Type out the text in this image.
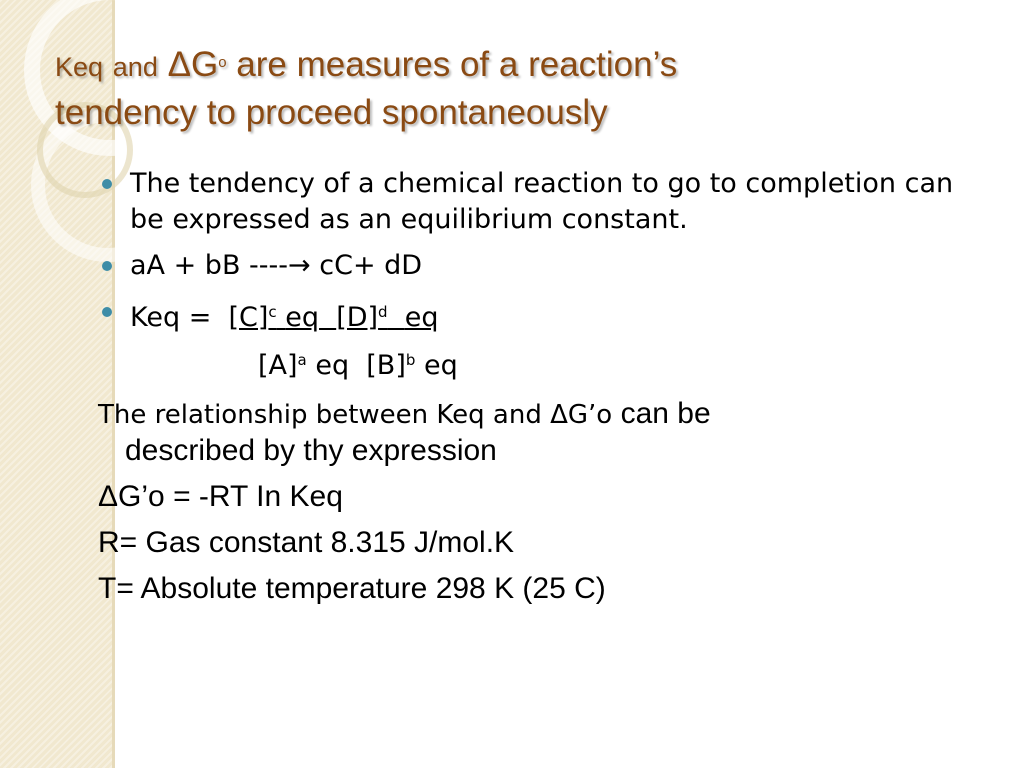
Keq and $\Delta G^o$ are measures of a reaction’s
tendency to proceed spontaneously
The tendency of a chemical reaction to go to completion can be expressed as an equilibrium constant.
aA + bB ----→ cC+ dD
Keq = $[C]^c$ eq $[D]^d$ eq
$[A]^a$ eq $[B]^b$ eq
The relationship between Keq and ΔG’o can be
described by thy expression
ΔG’o = -RT In Keq
R= Gas constant 8.315 J/mol.K
T= Absolute temperature 298 K (25 C)
